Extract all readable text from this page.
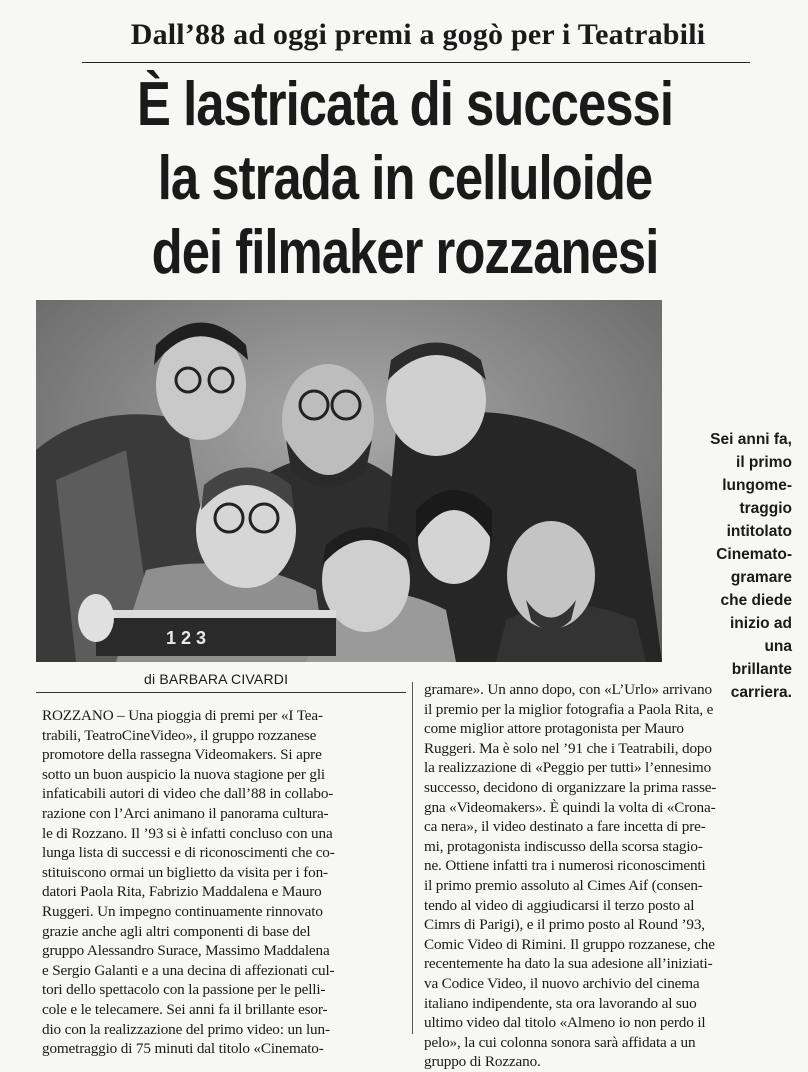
Dall’88 ad oggi premi a gogò per i Teatrabili
È lastricata di successi
la strada in celluloide
dei filmaker rozzanesi
1 2 3
Sei anni fa,
il primo
lungome-
traggio
intitolato
Cinemato-
gramare
che diede
inizio ad
una
brillante
carriera.
di BARBARA CIVARDI
ROZZANO – Una pioggia di premi per «I Tea-
trabili, TeatroCineVideo», il gruppo rozzanese
promotore della rassegna Videomakers. Si apre
sotto un buon auspicio la nuova stagione per gli
infaticabili autori di video che dall’88 in collabo-
razione con l’Arci animano il panorama cultura-
le di Rozzano. Il ’93 si è infatti concluso con una
lunga lista di successi e di riconoscimenti che co-
stituiscono ormai un biglietto da visita per i fon-
datori Paola Rita, Fabrizio Maddalena e Mauro
Ruggeri. Un impegno continuamente rinnovato
grazie anche agli altri componenti di base del
gruppo Alessandro Surace, Massimo Maddalena
e Sergio Galanti e a una decina di affezionati cul-
tori dello spettacolo con la passione per le pelli-
cole e le telecamere. Sei anni fa il brillante esor-
dio con la realizzazione del primo video: un lun-
gometraggio di 75 minuti dal titolo «Cinemato-
gramare». Un anno dopo, con «L’Urlo» arrivano
il premio per la miglior fotografia a Paola Rita, e
come miglior attore protagonista per Mauro
Ruggeri. Ma è solo nel ’91 che i Teatrabili, dopo
la realizzazione di «Peggio per tutti» l’ennesimo
successo, decidono di organizzare la prima rasse-
gna «Videomakers». È quindi la volta di «Crona-
ca nera», il video destinato a fare incetta di pre-
mi, protagonista indiscusso della scorsa stagio-
ne. Ottiene infatti tra i numerosi riconoscimenti
il primo premio assoluto al Cimes Aif (consen-
tendo al video di aggiudicarsi il terzo posto al
Cimrs di Parigi), e il primo posto al Round ’93,
Comic Video di Rimini. Il gruppo rozzanese, che
recentemente ha dato la sua adesione all’iniziati-
va Codice Video, il nuovo archivio del cinema
italiano indipendente, sta ora lavorando al suo
ultimo video dal titolo «Almeno io non perdo il
pelo», la cui colonna sonora sarà affidata a un
gruppo di Rozzano.
